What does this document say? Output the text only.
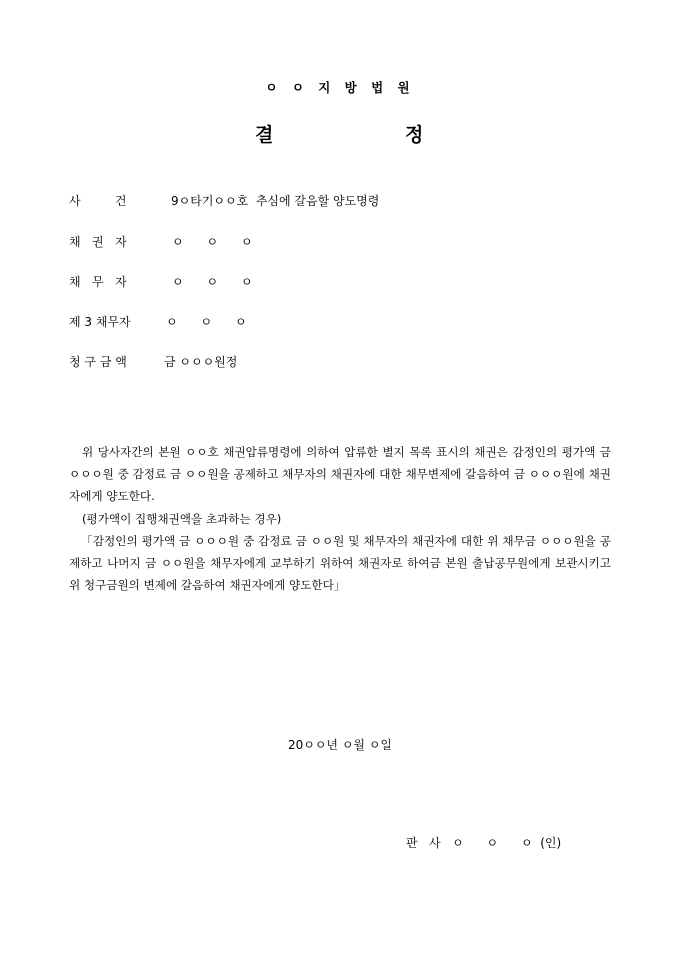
ㅇ ㅇ 지 방 법 원
결	정
사         건	9ㅇ타기ㅇㅇ호  추심에 갈음할 양도명령
채   권   자	ㅇ      ㅇ      ㅇ
채   무   자	ㅇ      ㅇ      ㅇ
제 3 채무자	ㅇ      ㅇ      ㅇ
청 구 금 액	금 ㅇㅇㅇ원정

위 당사자간의 본원 ㅇㅇ호 채권압류명령에 의하여 압류한 별지 목록 표시의 채권은 감정인의 평가액 금 ㅇㅇㅇ원 중 감정료 금 ㅇㅇ원을 공제하고 채무자의 채권자에 대한 채무변제에 갈음하여 금 ㅇㅇㅇ원에 채권자에게 양도한다.

(평가액이 집행채권액을 초과하는 경우)

「감정인의 평가액 금 ㅇㅇㅇ원 중 감정료 금 ㅇㅇ원 및 채무자의 채권자에 대한 위 채무금 ㅇㅇㅇ원을 공제하고 나머지 금 ㅇㅇ원을 채무자에게 교부하기 위하여 채권자로 하여금 본원 출납공무원에게 보관시키고 위 청구금원의 변제에 갈음하여 채권자에게 양도한다」

20ㅇㅇ년 ㅇ월 ㅇ일
판   사   ㅇ      ㅇ      ㅇ  (인)
